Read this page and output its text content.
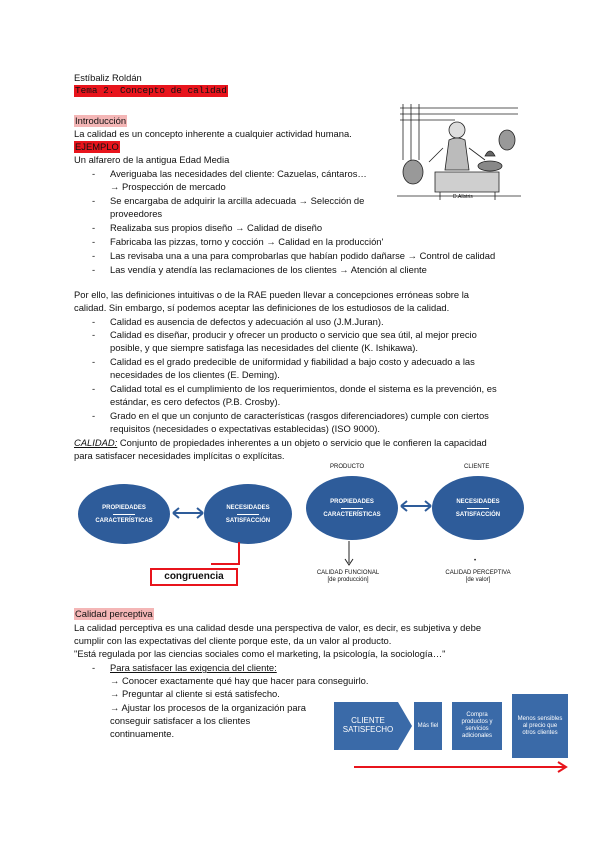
Estíbaliz Roldán
Tema 2. Concepto de calidad
Introducción
La calidad es un concepto inherente a cualquier actividad humana.
EJEMPLO
Un alfarero de la antigua Edad Media
- Averiguaba las necesidades del cliente: Cazuelas, cántaros…
→ Prospección de mercado
- Se encargaba de adquirir la arcilla adecuada → Selección de
proveedores
- Realizaba sus propios diseño → Calidad de diseño
- Fabricaba las pizzas, torno y cocción → Calidad en la producción'
- Las revisaba una a una para comprobarlas que habían podido dañarse → Control de calidad
- Las vendía y atendía las reclamaciones de los clientes → Atención al cliente
D.Allstris
Por ello, las definiciones intuitivas o de la RAE pueden llevar a concepciones erróneas sobre la
calidad. Sin embargo, sí podemos aceptar las definiciones de los estudiosos de la calidad.
- Calidad es ausencia de defectos y adecuación al uso (J.M.Juran).
- Calidad es diseñar, producir y ofrecer un producto o servicio que sea útil, al mejor precio
posible, y que siempre satisfaga las necesidades del cliente (K. Ishikawa).
- Calidad es el grado predecible de uniformidad y fiabilidad a bajo costo y adecuado a las
necesidades de los clientes (E. Deming).
- Calidad total es el cumplimiento de los requerimientos, donde el sistema es la prevención, es
estándar, es cero defectos (P.B. Crosby).
- Grado en el que un conjunto de características (rasgos diferenciadores) cumple con ciertos
requisitos (necesidades o expectativas establecidas) (ISO 9000).
CALIDAD: Conjunto de propiedades inherentes a un objeto o servicio que le confieren la capacidad
para satisfacer necesidades implícitas o explícitas.
PRODUCTO	CLIENTE
PROPIEDADES
CARACTERÍSTICAS
NECESIDADES
SATISFACCIÓN
congruencia
PROPIEDADES
CARACTERÍSTICAS
NECESIDADES
SATISFACCIÓN
CALIDAD FUNCIONAL
[de producción]
•
CALIDAD PERCEPTIVA
[de valor]
Calidad perceptiva
La calidad perceptiva es una calidad desde una perspectiva de valor, es decir, es subjetiva y debe
cumplir con las expectativas del cliente porque este, da un valor al producto.
"Está regulada por las ciencias sociales como el marketing, la psicología, la sociología…"
- Para satisfacer las exigencia del cliente:
→ Conocer exactamente qué hay que hacer para conseguirlo.
→ Preguntar al cliente si está satisfecho.
→ Ajustar los procesos de la organización para
conseguir satisfacer a los clientes
continuamente.
CLIENTE SATISFECHO	Más fiel
Compra productos y servicios adicionales
Menos sensibles al precio que otros clientes
